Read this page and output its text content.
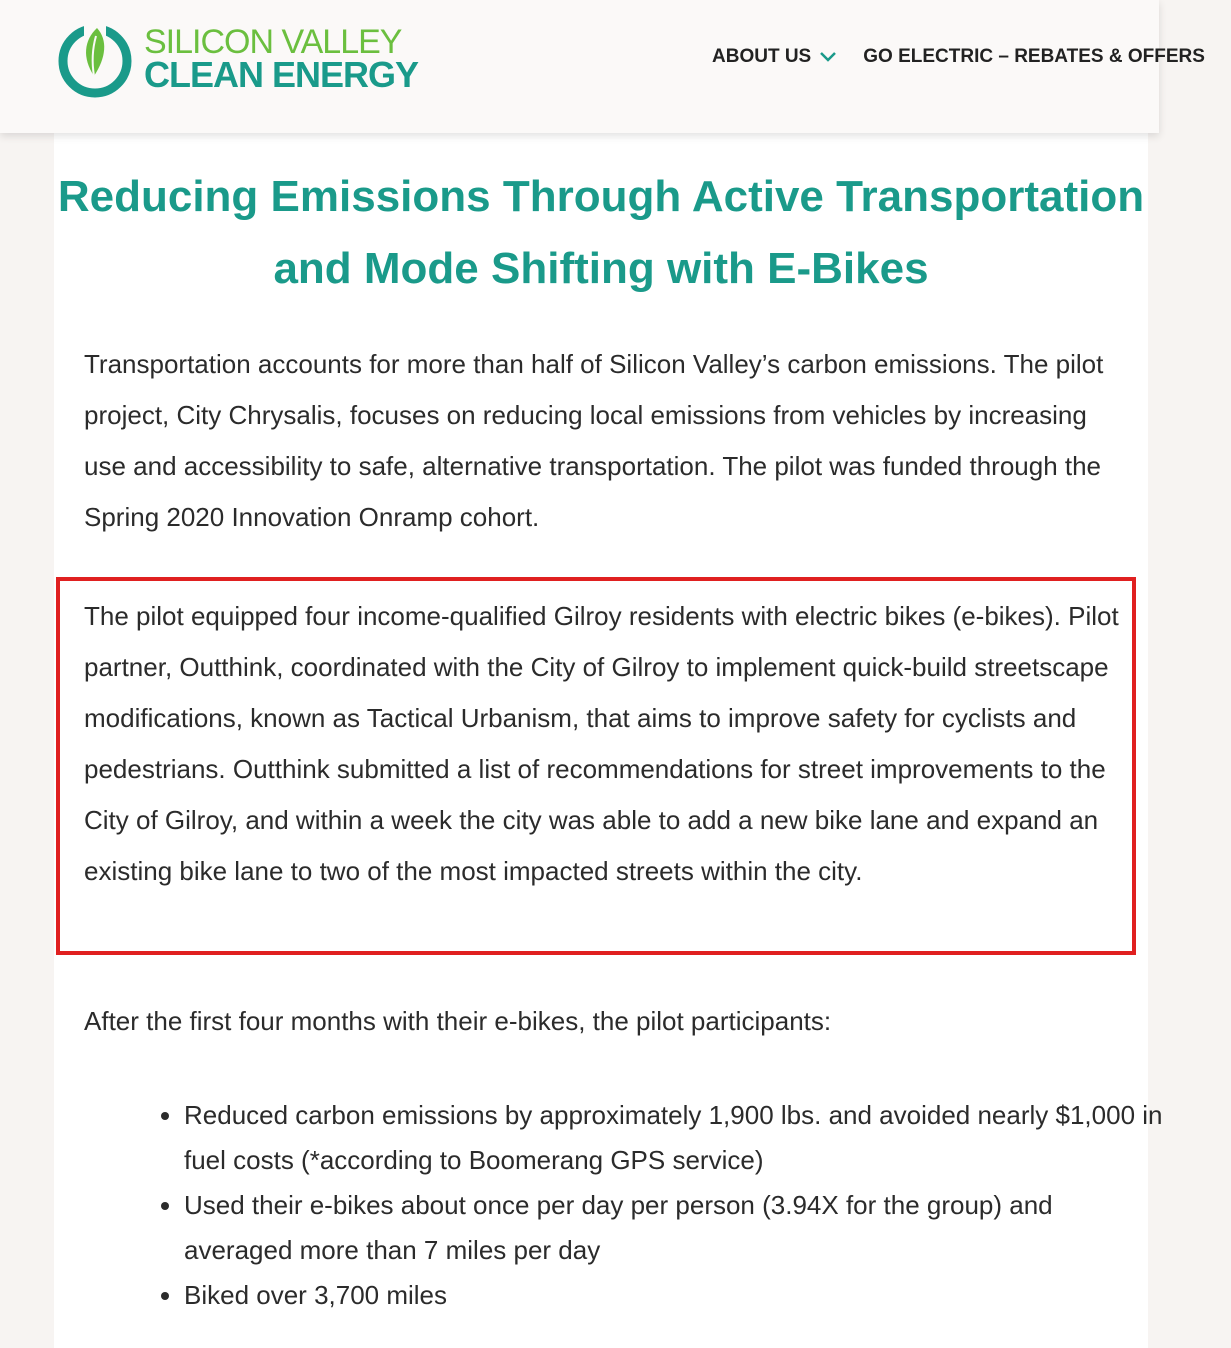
SILICON VALLEY
CLEAN ENERGY	ABOUT US	GO ELECTRIC – REBATES & OFFERS
Reducing Emissions Through Active Transportation and Mode Shifting with E-Bikes

Transportation accounts for more than half of Silicon Valley’s carbon emissions. The pilot project, City Chrysalis, focuses on reducing local emissions from vehicles by increasing use and accessibility to safe, alternative transportation. The pilot was funded through the Spring 2020 Innovation Onramp cohort.

The pilot equipped four income-qualified Gilroy residents with electric bikes (e-bikes). Pilot partner, Outthink, coordinated with the City of Gilroy to implement quick-build streetscape modifications, known as Tactical Urbanism, that aims to improve safety for cyclists and pedestrians. Outthink submitted a list of recommendations for street improvements to the City of Gilroy, and within a week the city was able to add a new bike lane and expand an existing bike lane to two of the most impacted streets within the city.

After the first four months with their e-bikes, the pilot participants:

• Reduced carbon emissions by approximately 1,900 lbs. and avoided nearly $1,000 in fuel costs (*according to Boomerang GPS service)
• Used their e-bikes about once per day per person (3.94X for the group) and averaged more than 7 miles per day
• Biked over 3,700 miles
